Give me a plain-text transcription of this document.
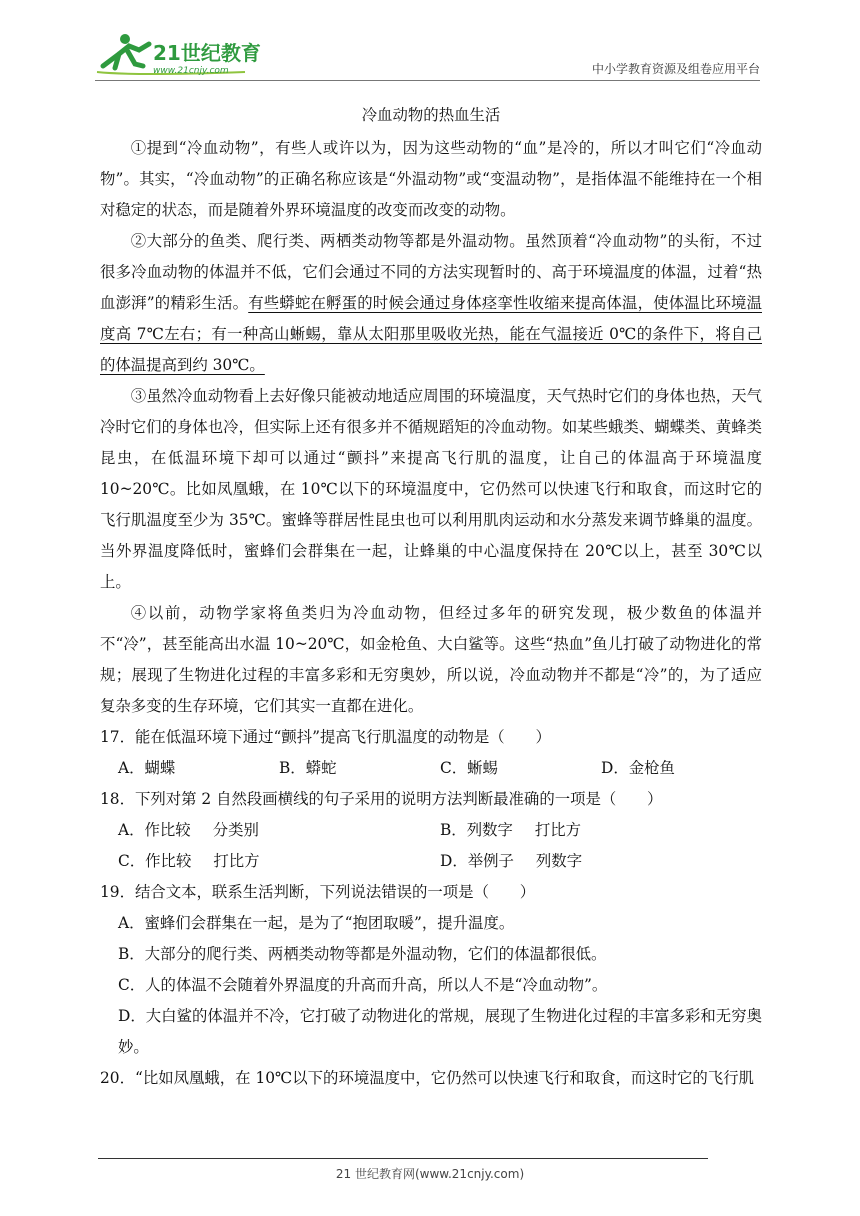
21世纪教育
www.21cnjy.com	中小学教育资源及组卷应用平台
冷血动物的热血生活

①提到“冷血动物”，有些人或许以为，因为这些动物的“血”是冷的，所以才叫它们“冷血动物”。其实，“冷血动物”的正确名称应该是“外温动物”或“变温动物”，是指体温不能维持在一个相对稳定的状态，而是随着外界环境温度的改变而改变的动物。

②大部分的鱼类、爬行类、两栖类动物等都是外温动物。虽然顶着“冷血动物”的头衔，不过很多冷血动物的体温并不低，它们会通过不同的方法实现暂时的、高于环境温度的体温，过着“热血澎湃”的精彩生活。有些蟒蛇在孵蛋的时候会通过身体痉挛性收缩来提高体温，使体温比环境温度高 7℃左右；有一种高山蜥蜴，靠从太阳那里吸收光热，能在气温接近 0℃的条件下，将自己的体温提高到约 30℃。

③虽然冷血动物看上去好像只能被动地适应周围的环境温度，天气热时它们的身体也热，天气冷时它们的身体也冷，但实际上还有很多并不循规蹈矩的冷血动物。如某些蛾类、蝴蝶类、黄蜂类昆虫，在低温环境下却可以通过“颤抖”来提高飞行肌的温度，让自己的体温高于环境温度 10~20℃。比如凤凰蛾，在 10℃以下的环境温度中，它仍然可以快速飞行和取食，而这时它的飞行肌温度至少为 35℃。蜜蜂等群居性昆虫也可以利用肌肉运动和水分蒸发来调节蜂巢的温度。当外界温度降低时，蜜蜂们会群集在一起，让蜂巢的中心温度保持在 20℃以上，甚至 30℃以上。

④以前，动物学家将鱼类归为冷血动物，但经过多年的研究发现，极少数鱼的体温并不“冷”，甚至能高出水温 10~20℃，如金枪鱼、大白鲨等。这些“热血”鱼儿打破了动物进化的常规；展现了生物进化过程的丰富多彩和无穷奥妙，所以说，冷血动物并不都是“冷”的，为了适应复杂多变的生存环境，它们其实一直都在进化。

17．能在低温环境下通过“颤抖”提高飞行肌温度的动物是（　　）

A．蝴蝶	B．蟒蛇	C．蜥蜴	D．金枪鱼

18．下列对第 2 自然段画横线的句子采用的说明方法判断最准确的一项是（　　）

A．作比较 分类别	B．列数字 打比方
C．作比较 打比方	D．举例子 列数字

19．结合文本，联系生活判断，下列说法错误的一项是（　　）

A．蜜蜂们会群集在一起，是为了“抱团取暖”，提升温度。

B．大部分的爬行类、两栖类动物等都是外温动物，它们的体温都很低。

C．人的体温不会随着外界温度的升高而升高，所以人不是“冷血动物”。

D．大白鲨的体温并不冷，它打破了动物进化的常规，展现了生物进化过程的丰富多彩和无穷奥妙。

20．“比如凤凰蛾，在 10℃以下的环境温度中，它仍然可以快速飞行和取食，而这时它的飞行肌

21 世纪教育网(www.21cnjy.com)
